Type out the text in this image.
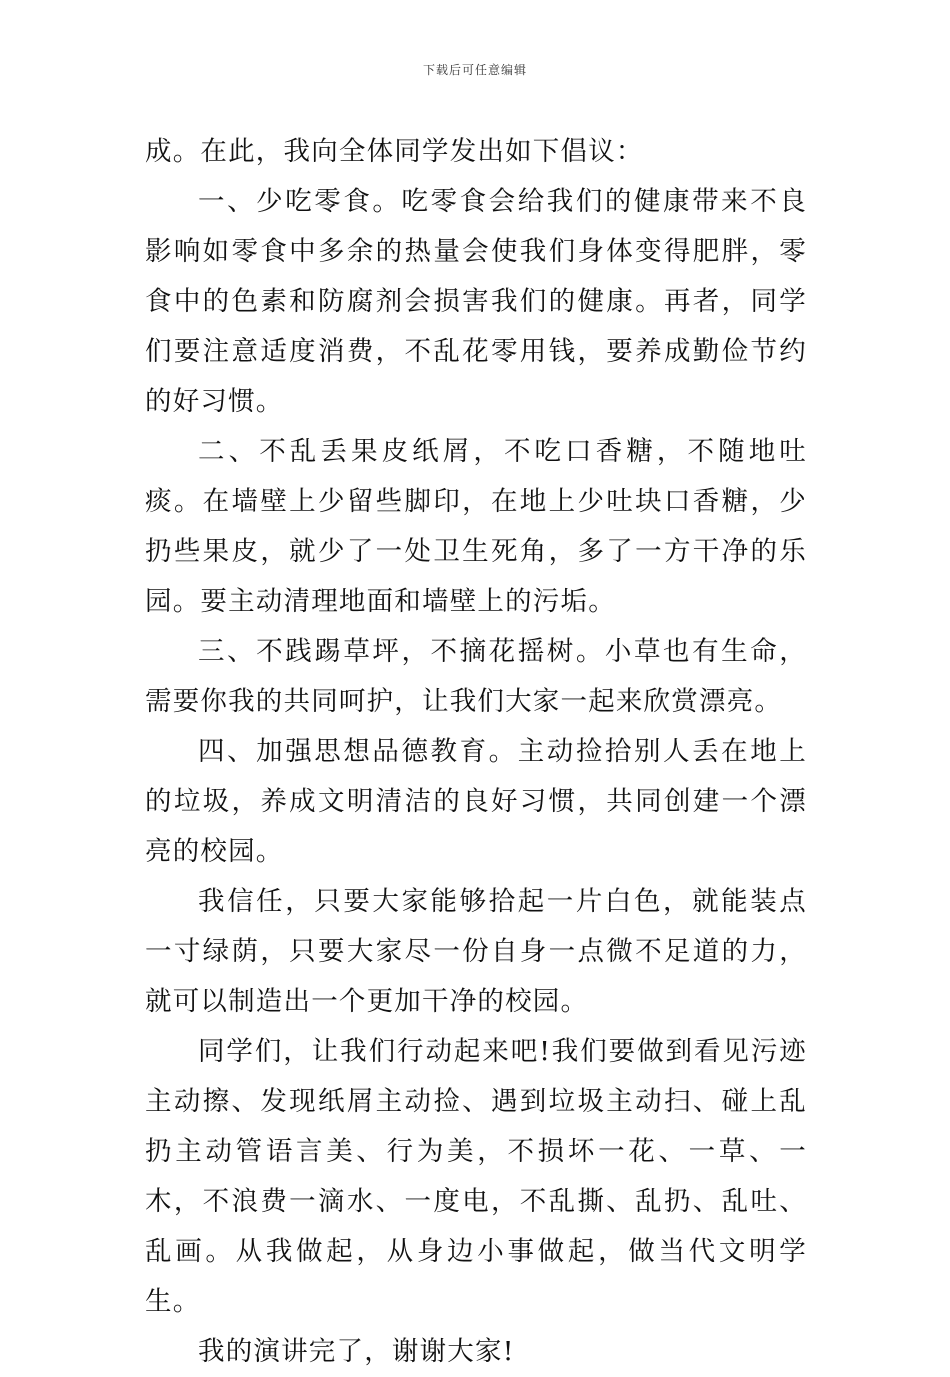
下载后可任意编辑

成。在此，我向全体同学发出如下倡议：

一、少吃零食。吃零食会给我们的健康带来不良影响如零食中多余的热量会使我们身体变得肥胖，零食中的色素和防腐剂会损害我们的健康。再者，同学们要注意适度消费，不乱花零用钱，要养成勤俭节约的好习惯。

二、不乱丢果皮纸屑，不吃口香糖，不随地吐痰。在墙壁上少留些脚印，在地上少吐块口香糖，少扔些果皮，就少了一处卫生死角，多了一方干净的乐园。要主动清理地面和墙壁上的污垢。

三、不践踢草坪，不摘花摇树。小草也有生命，需要你我的共同呵护，让我们大家一起来欣赏漂亮。

四、加强思想品德教育。主动捡拾别人丢在地上的垃圾，养成文明清洁的良好习惯，共同创建一个漂亮的校园。

我信任，只要大家能够拾起一片白色，就能装点一寸绿荫，只要大家尽一份自身一点微不足道的力，就可以制造出一个更加干净的校园。

同学们，让我们行动起来吧!我们要做到看见污迹主动擦、发现纸屑主动捡、遇到垃圾主动扫、碰上乱扔主动管语言美、行为美，不损坏一花、一草、一木，不浪费一滴水、一度电，不乱撕、乱扔、乱吐、乱画。从我做起，从身边小事做起，做当代文明学生。

我的演讲完了，谢谢大家!
